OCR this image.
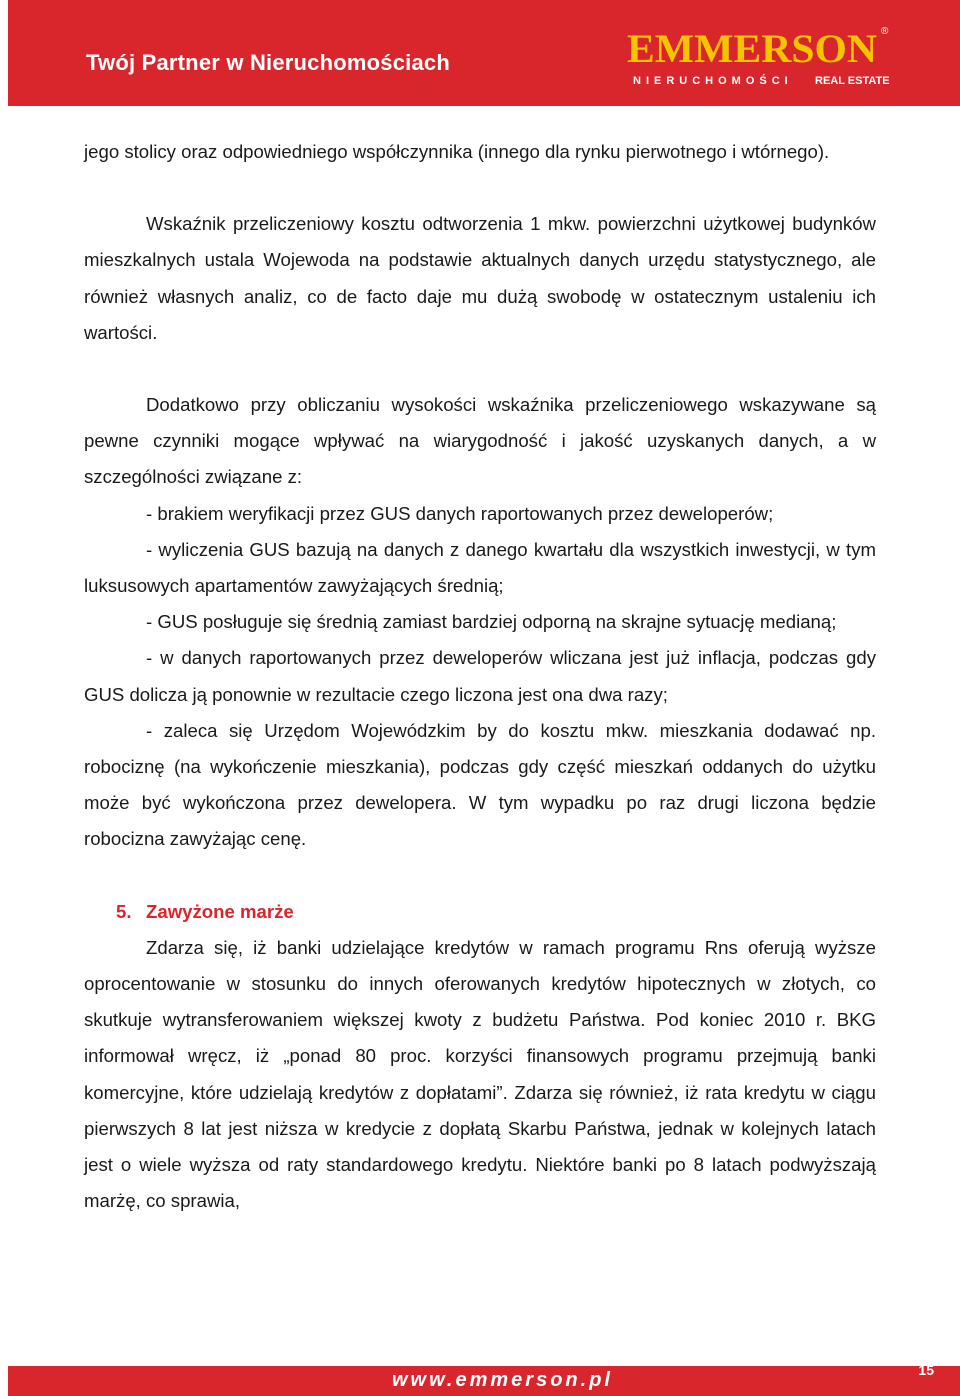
Twój Partner w Nieruchomościach	EMMERSON ®
NIERUCHOMOŚCI REAL ESTATE

jego stolicy oraz odpowiedniego współczynnika (innego dla rynku pierwotnego i wtórnego).

Wskaźnik przeliczeniowy kosztu odtworzenia 1 mkw. powierzchni użytkowej budynków mieszkalnych ustala Wojewoda na podstawie aktualnych danych urzędu statystycznego, ale również własnych analiz, co de facto daje mu dużą swobodę w ostatecznym ustaleniu ich wartości.

Dodatkowo przy obliczaniu wysokości wskaźnika przeliczeniowego wskazywane są pewne czynniki mogące wpływać na wiarygodność i jakość uzyskanych danych, a w szczególności związane z:

- brakiem weryfikacji przez GUS danych raportowanych przez deweloperów;

- wyliczenia GUS bazują na danych z danego kwartału dla wszystkich inwestycji, w tym luksusowych apartamentów zawyżających średnią;

- GUS posługuje się średnią zamiast bardziej odporną na skrajne sytuację medianą;

- w danych raportowanych przez deweloperów wliczana jest już inflacja, podczas gdy GUS dolicza ją ponownie w rezultacie czego liczona jest ona dwa razy;

- zaleca się Urzędom Wojewódzkim by do kosztu mkw. mieszkania dodawać np. robociznę (na wykończenie mieszkania), podczas gdy część mieszkań oddanych do użytku może być wykończona przez dewelopera. W tym wypadku po raz drugi liczona będzie robocizna zawyżając cenę.

5. Zawyżone marże

Zdarza się, iż banki udzielające kredytów w ramach programu Rns oferują wyższe oprocentowanie w stosunku do innych oferowanych kredytów hipotecznych w złotych, co skutkuje wytransferowaniem większej kwoty z budżetu Państwa. Pod koniec 2010 r. BKG informował wręcz, iż „ponad 80 proc. korzyści finansowych programu przejmują banki komercyjne, które udzielają kredytów z dopłatami”. Zdarza się również, iż rata kredytu w ciągu pierwszych 8 lat jest niższa w kredycie z dopłatą Skarbu Państwa, jednak w kolejnych latach jest o wiele wyższa od raty standardowego kredytu. Niektóre banki po 8 latach podwyższają marżę, co sprawia,

www.emmerson.pl	15
